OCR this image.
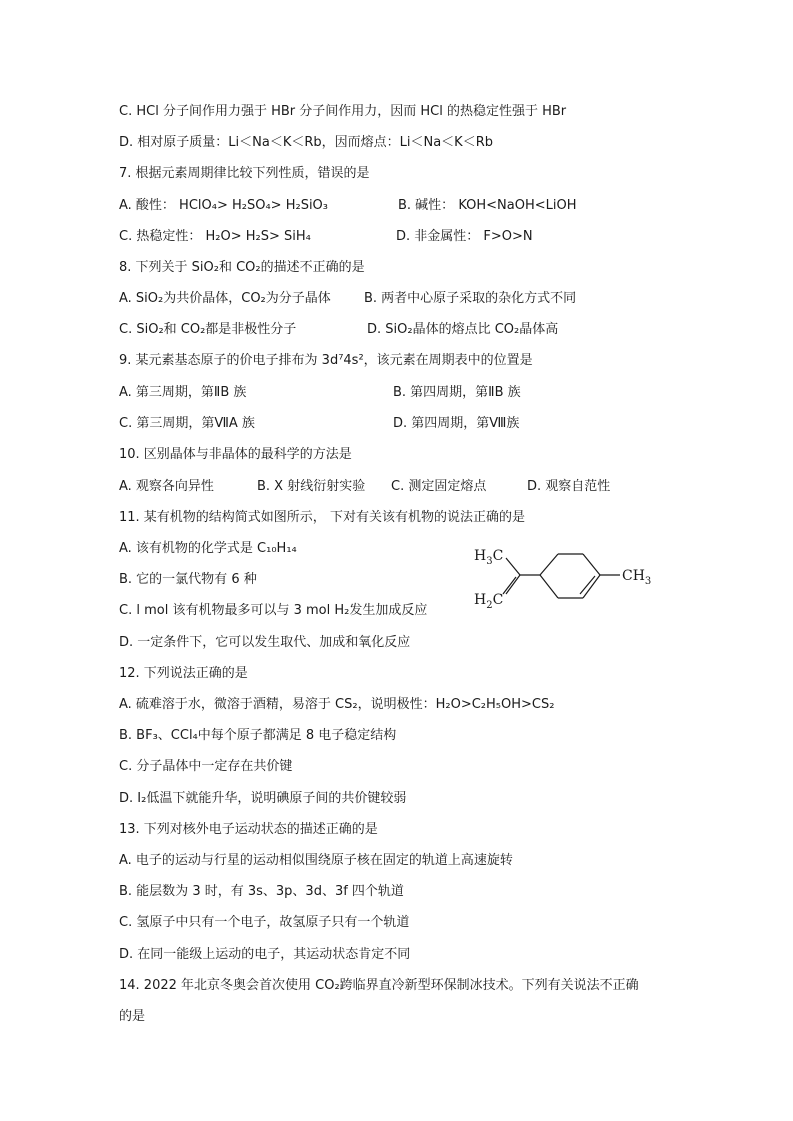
C. HCl 分子间作用力强于 HBr 分子间作用力，因而 HCl 的热稳定性强于 HBr
D. 相对原子质量：Li＜Na＜K＜Rb，因而熔点：Li＜Na＜K＜Rb
7. 根据元素周期律比较下列性质，错误的是
A. 酸性： HClO₄> H₂SO₄> H₂SiO₃	B. 碱性： KOH<NaOH<LiOH
C. 热稳定性： H₂O> H₂S> SiH₄	D. 非金属性： F>O>N
8. 下列关于 SiO₂和 CO₂的描述不正确的是
A. SiO₂为共价晶体，CO₂为分子晶体	B. 两者中心原子采取的杂化方式不同
C. SiO₂和 CO₂都是非极性分子	D. SiO₂晶体的熔点比 CO₂晶体高
9. 某元素基态原子的价电子排布为 3d⁷4s²，该元素在周期表中的位置是
A. 第三周期，第ⅡB 族	B. 第四周期，第ⅡB 族
C. 第三周期，第ⅦA 族	D. 第四周期，第Ⅷ族
10. 区别晶体与非晶体的最科学的方法是
A. 观察各向异性	B. X 射线衍射实验 C. 测定固定熔点	D. 观察自范性
11. 某有机物的结构简式如图所示， 下对有关该有机物的说法正确的是
A. 该有机物的化学式是 C₁₀H₁₄
B. 它的一氯代物有 6 种
C. l mol 该有机物最多可以与 3 mol H₂发生加成反应
D. 一定条件下，它可以发生取代、加成和氧化反应
$H_3C$
$H_2C$
$CH_3$
12. 下列说法正确的是
A. 硫难溶于水，微溶于酒精，易溶于 CS₂，说明极性：H₂O>C₂H₅OH>CS₂
B. BF₃、CCl₄中每个原子都满足 8 电子稳定结构
C. 分子晶体中一定存在共价键
D. I₂低温下就能升华，说明碘原子间的共价键较弱
13. 下列对核外电子运动状态的描述正确的是
A. 电子的运动与行星的运动相似围绕原子核在固定的轨道上高速旋转
B. 能层数为 3 时，有 3s、3p、3d、3f 四个轨道
C. 氢原子中只有一个电子，故氢原子只有一个轨道
D. 在同一能级上运动的电子，其运动状态肯定不同
14. 2022 年北京冬奥会首次使用 CO₂跨临界直冷新型环保制冰技术。下列有关说法不正确
的是
